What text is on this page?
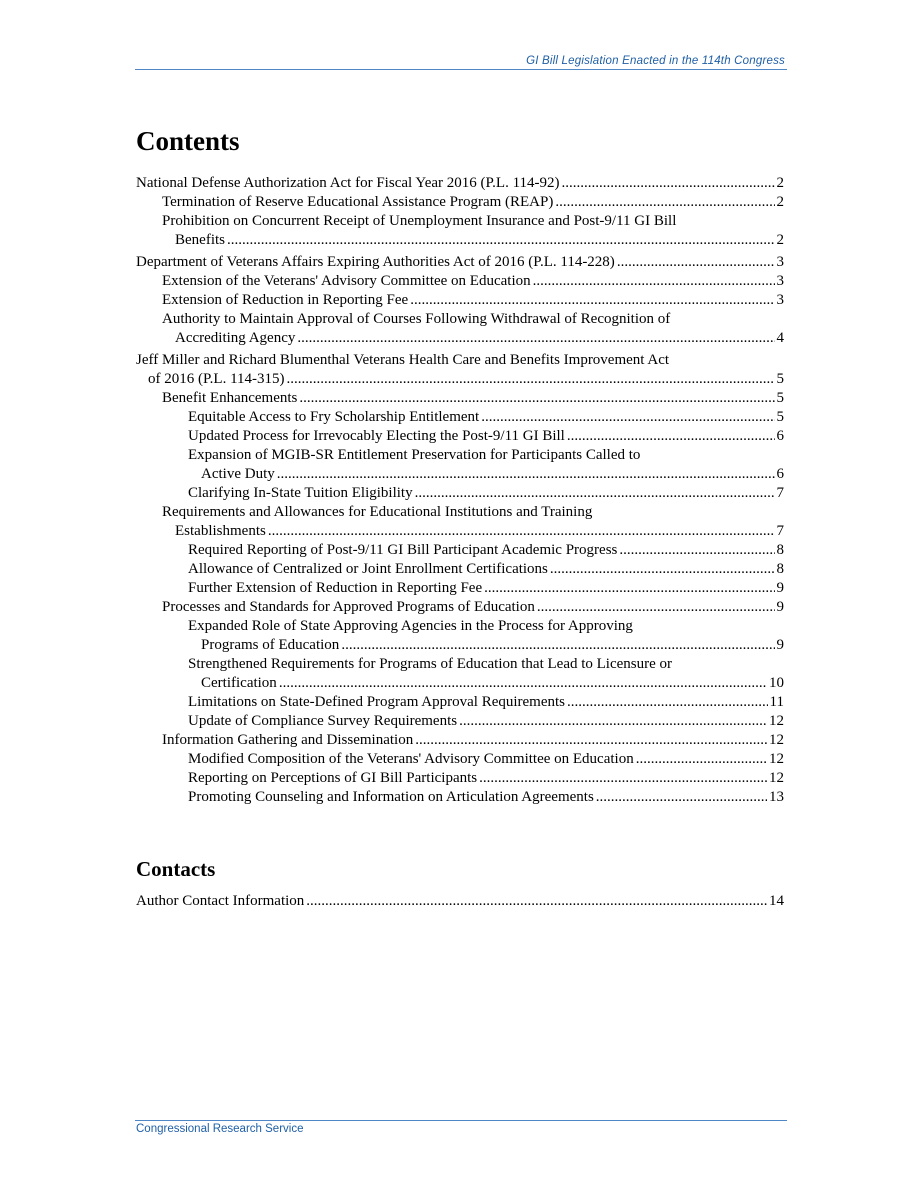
GI Bill Legislation Enacted in the 114th Congress
Contents
National Defense Authorization Act for Fiscal Year 2016 (P.L. 114-92) .....	2
Termination of Reserve Educational Assistance Program (REAP) .....	2
Prohibition on Concurrent Receipt of Unemployment Insurance and Post-9/11 GI Bill
Benefits .....	2
Department of Veterans Affairs Expiring Authorities Act of 2016 (P.L. 114-228) .....	3
Extension of the Veterans' Advisory Committee on Education .....	3
Extension of Reduction in Reporting Fee .....	3
Authority to Maintain Approval of Courses Following Withdrawal of Recognition of
Accrediting Agency .....	4
Jeff Miller and Richard Blumenthal Veterans Health Care and Benefits Improvement Act
of 2016 (P.L. 114-315) .....	5
Benefit Enhancements .....	5
Equitable Access to Fry Scholarship Entitlement .....	5
Updated Process for Irrevocably Electing the Post-9/11 GI Bill .....	6
Expansion of MGIB-SR Entitlement Preservation for Participants Called to
Active Duty .....	6
Clarifying In-State Tuition Eligibility .....	7
Requirements and Allowances for Educational Institutions and Training
Establishments .....	7
Required Reporting of Post-9/11 GI Bill Participant Academic Progress .....	8
Allowance of Centralized or Joint Enrollment Certifications .....	8
Further Extension of Reduction in Reporting Fee .....	9
Processes and Standards for Approved Programs of Education .....	9
Expanded Role of State Approving Agencies in the Process for Approving
Programs of Education .....	9
Strengthened Requirements for Programs of Education that Lead to Licensure or
Certification .....	10
Limitations on State-Defined Program Approval Requirements .....	11
Update of Compliance Survey Requirements .....	12
Information Gathering and Dissemination .....	12
Modified Composition of the Veterans' Advisory Committee on Education .....	12
Reporting on Perceptions of GI Bill Participants .....	12
Promoting Counseling and Information on Articulation Agreements .....	13
Contacts
Author Contact Information .....	14
Congressional Research Service
